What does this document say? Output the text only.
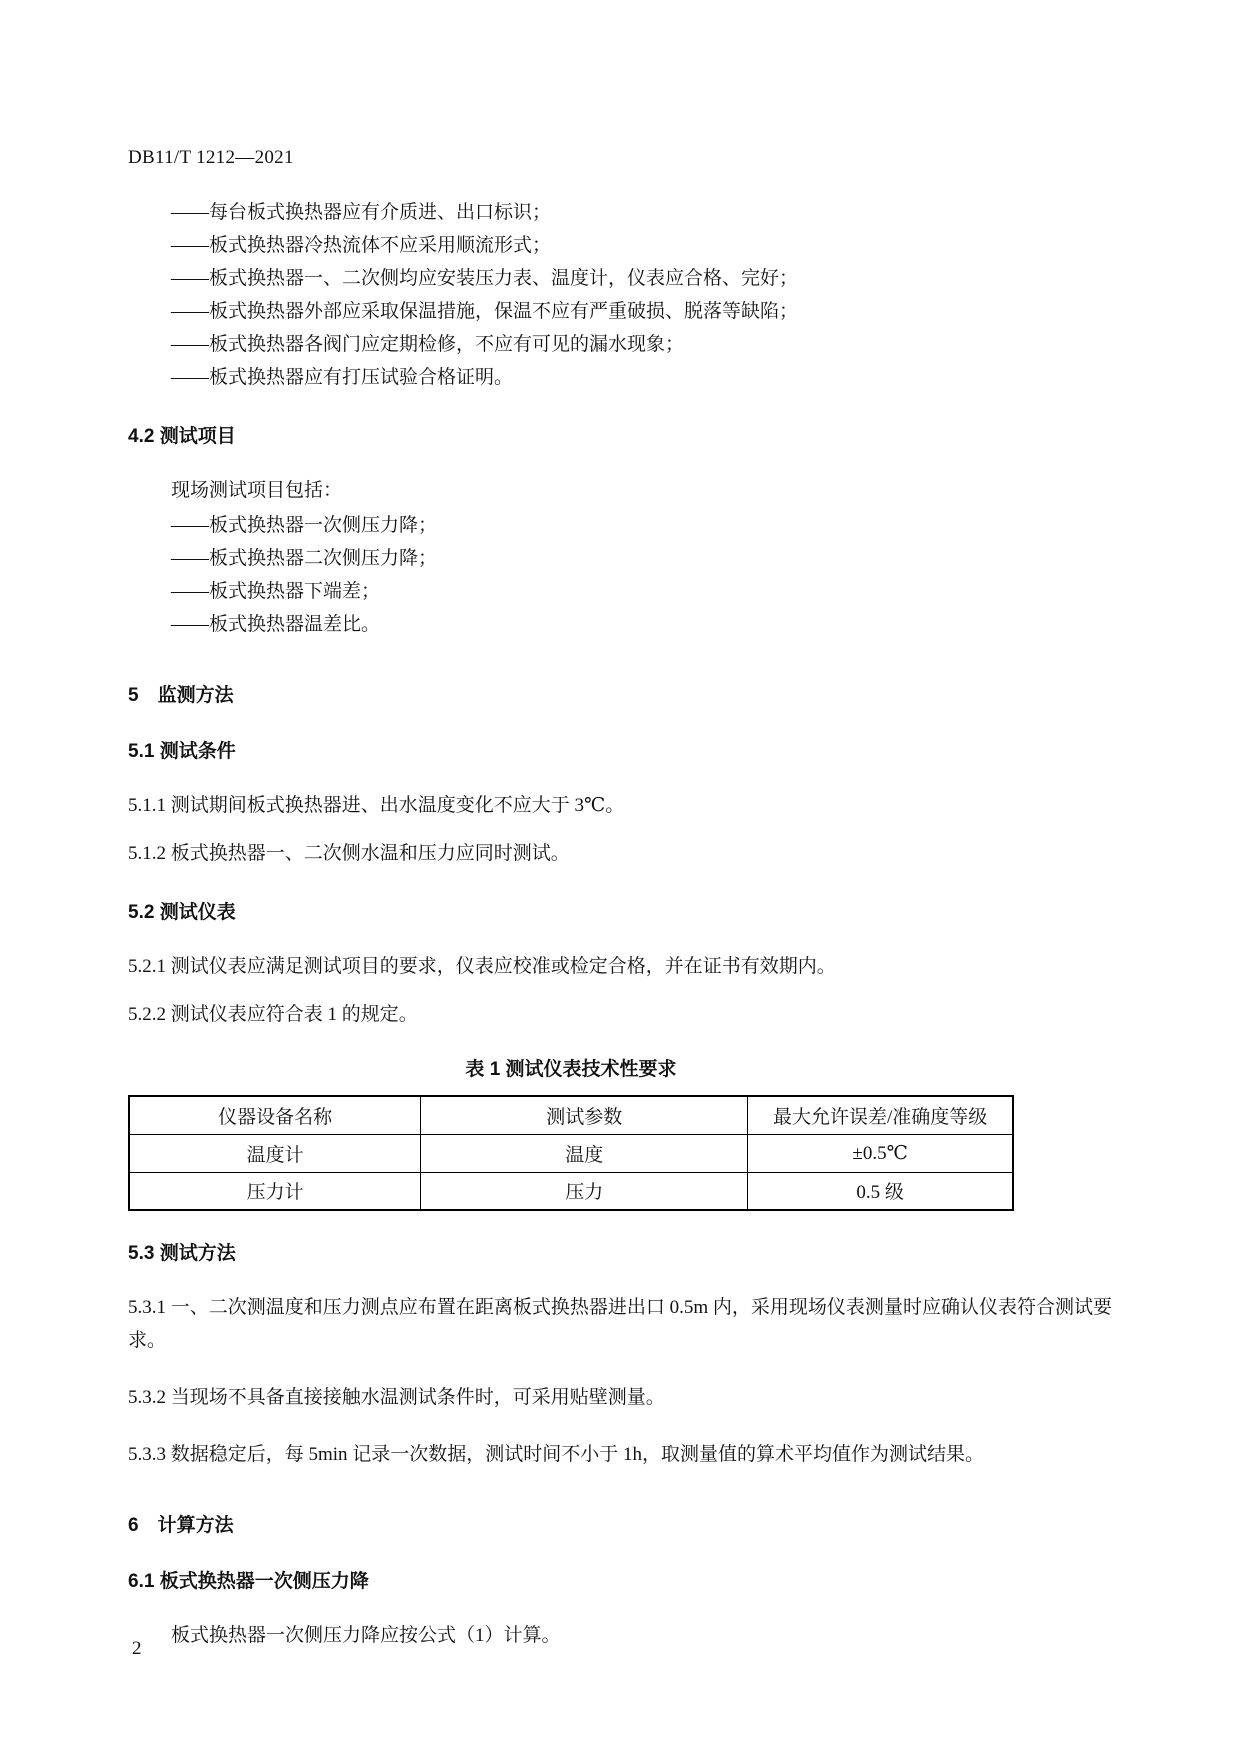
DB11/T 1212—2021

——每台板式换热器应有介质进、出口标识；

——板式换热器冷热流体不应采用顺流形式；

——板式换热器一、二次侧均应安装压力表、温度计，仪表应合格、完好；

——板式换热器外部应采取保温措施，保温不应有严重破损、脱落等缺陷；

——板式换热器各阀门应定期检修，不应有可见的漏水现象；

——板式换热器应有打压试验合格证明。

4.2 测试项目

现场测试项目包括：

——板式换热器一次侧压力降；

——板式换热器二次侧压力降；

——板式换热器下端差；

——板式换热器温差比。

5　监测方法
5.1 测试条件

5.1.1 测试期间板式换热器进、出水温度变化不应大于 3℃。

5.1.2 板式换热器一、二次侧水温和压力应同时测试。

5.2 测试仪表

5.2.1 测试仪表应满足测试项目的要求，仪表应校准或检定合格，并在证书有效期内。

5.2.2 测试仪表应符合表 1 的规定。

表 1 测试仪表技术性要求
仪器设备名称	测试参数	最大允许误差/准确度等级
温度计	温度	±0.5℃
压力计	压力	0.5 级
5.3 测试方法

5.3.1 一、二次测温度和压力测点应布置在距离板式换热器进出口 0.5m 内，采用现场仪表测量时应确认仪表符合测试要求。

5.3.2 当现场不具备直接接触水温测试条件时，可采用贴壁测量。

5.3.3 数据稳定后，每 5min 记录一次数据，测试时间不小于 1h，取测量值的算术平均值作为测试结果。

6　计算方法
6.1 板式换热器一次侧压力降

板式换热器一次侧压力降应按公式（1）计算。

2
